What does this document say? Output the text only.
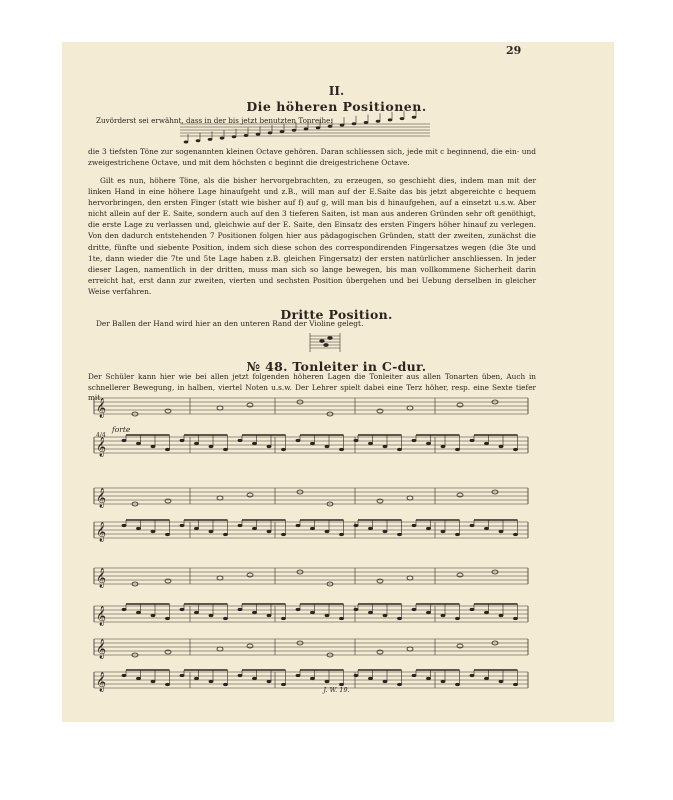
29
II.
Die höheren Positionen.
Zuvörderst sei erwähnt, dass in der bis jetzt benutzten Tonreihe:
𝄞
𝄞
𝄞
𝄞
𝄞
𝄞
𝄞
𝄞
forte
4/4
die 3 tiefsten Töne zur sogenannten kleinen Octave gehören. Daran schliessen sich, jede mit c beginnend, die ein- und zweigestrichene Octave, und mit dem höchsten c beginnt die dreigestrichene Octave.
Gilt es nun, höhere Töne, als die bisher hervorgebrachten, zu erzeugen, so geschieht dies, indem man mit der linken Hand in eine höhere Lage hinaufgeht und z.B., will man auf der E.Saite das bis jetzt abgereichte c bequem hervorbringen, den ersten Finger (statt wie bisher auf f) auf g, will man bis d hinaufgehen, auf a einsetzt u.s.w. Aber nicht allein auf der E. Saite, sondern auch auf den 3 tieferen Saiten, ist man aus anderen Gründen sehr oft genöthigt, die erste Lage zu verlassen und, gleichwie auf der E. Saite, den Einsatz des ersten Fingers höher hinauf zu verlegen. Von den dadurch entstehenden 7 Positionen folgen hier aus pädagogischen Gründen, statt der zweiten, zunächst die dritte, fünfte und siebente Position, indem sich diese schon des correspondirenden Fingersatzes wegen (die 3te und 1te, dann wieder die 7te und 5te Lage haben z.B. gleichen Fingersatz) der ersten natürlicher anschliessen. In jeder dieser Lagen, namentlich in der dritten, muss man sich so lange bewegen, bis man vollkommene Sicherheit darin erreicht hat, erst dann zur zweiten, vierten und sechsten Position übergehen und bei Uebung derselben in gleicher Weise verfahren.
Dritte Position.
Der Ballen der Hand wird hier an den unteren Rand der Violine gelegt.
№ 48. Tonleiter in C-dur.
Der Schüler kann hier wie bei allen jetzt folgenden höheren Lagen die Tonleiter aus allen Tonarten üben, Auch in schnellerer Bewegung, in halben, viertel Noten u.s.w. Der Lehrer spielt dabei eine Terz höher, resp. eine Sexte tiefer mit.
J. W. 19.
